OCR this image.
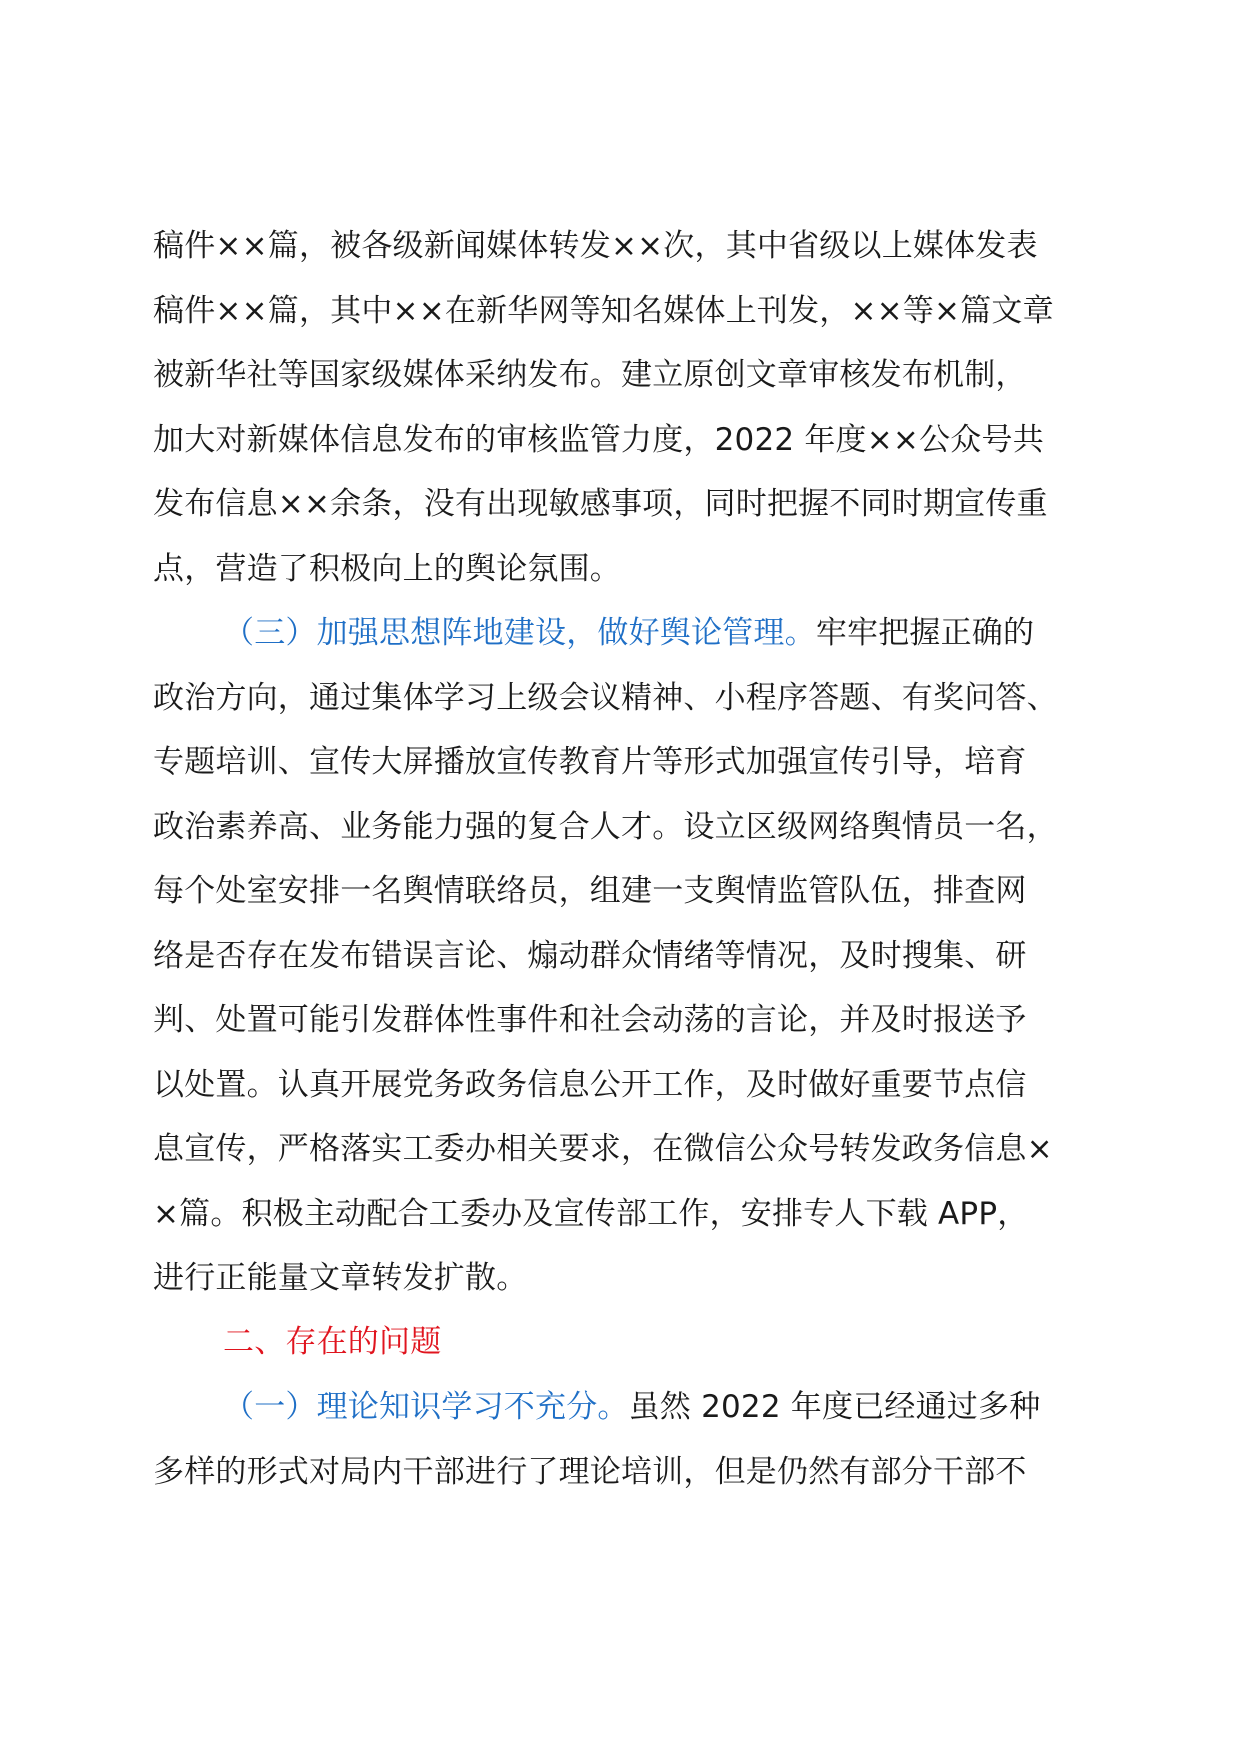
稿件××篇，被各级新闻媒体转发××次，其中省级以上媒体发表
稿件××篇，其中××在新华网等知名媒体上刊发，××等×篇文章
被新华社等国家级媒体采纳发布。建立原创文章审核发布机制，
加大对新媒体信息发布的审核监管力度，2022 年度××公众号共
发布信息××余条，没有出现敏感事项，同时把握不同时期宣传重
点，营造了积极向上的舆论氛围。
（三）加强思想阵地建设，做好舆论管理。牢牢把握正确的
政治方向，通过集体学习上级会议精神、小程序答题、有奖问答、
专题培训、宣传大屏播放宣传教育片等形式加强宣传引导，培育
政治素养高、业务能力强的复合人才。设立区级网络舆情员一名，
每个处室安排一名舆情联络员，组建一支舆情监管队伍，排查网
络是否存在发布错误言论、煽动群众情绪等情况，及时搜集、研
判、处置可能引发群体性事件和社会动荡的言论，并及时报送予
以处置。认真开展党务政务信息公开工作，及时做好重要节点信
息宣传，严格落实工委办相关要求，在微信公众号转发政务信息×
×篇。积极主动配合工委办及宣传部工作，安排专人下载 APP，
进行正能量文章转发扩散。
二、存在的问题
（一）理论知识学习不充分。虽然 2022 年度已经通过多种
多样的形式对局内干部进行了理论培训，但是仍然有部分干部不
